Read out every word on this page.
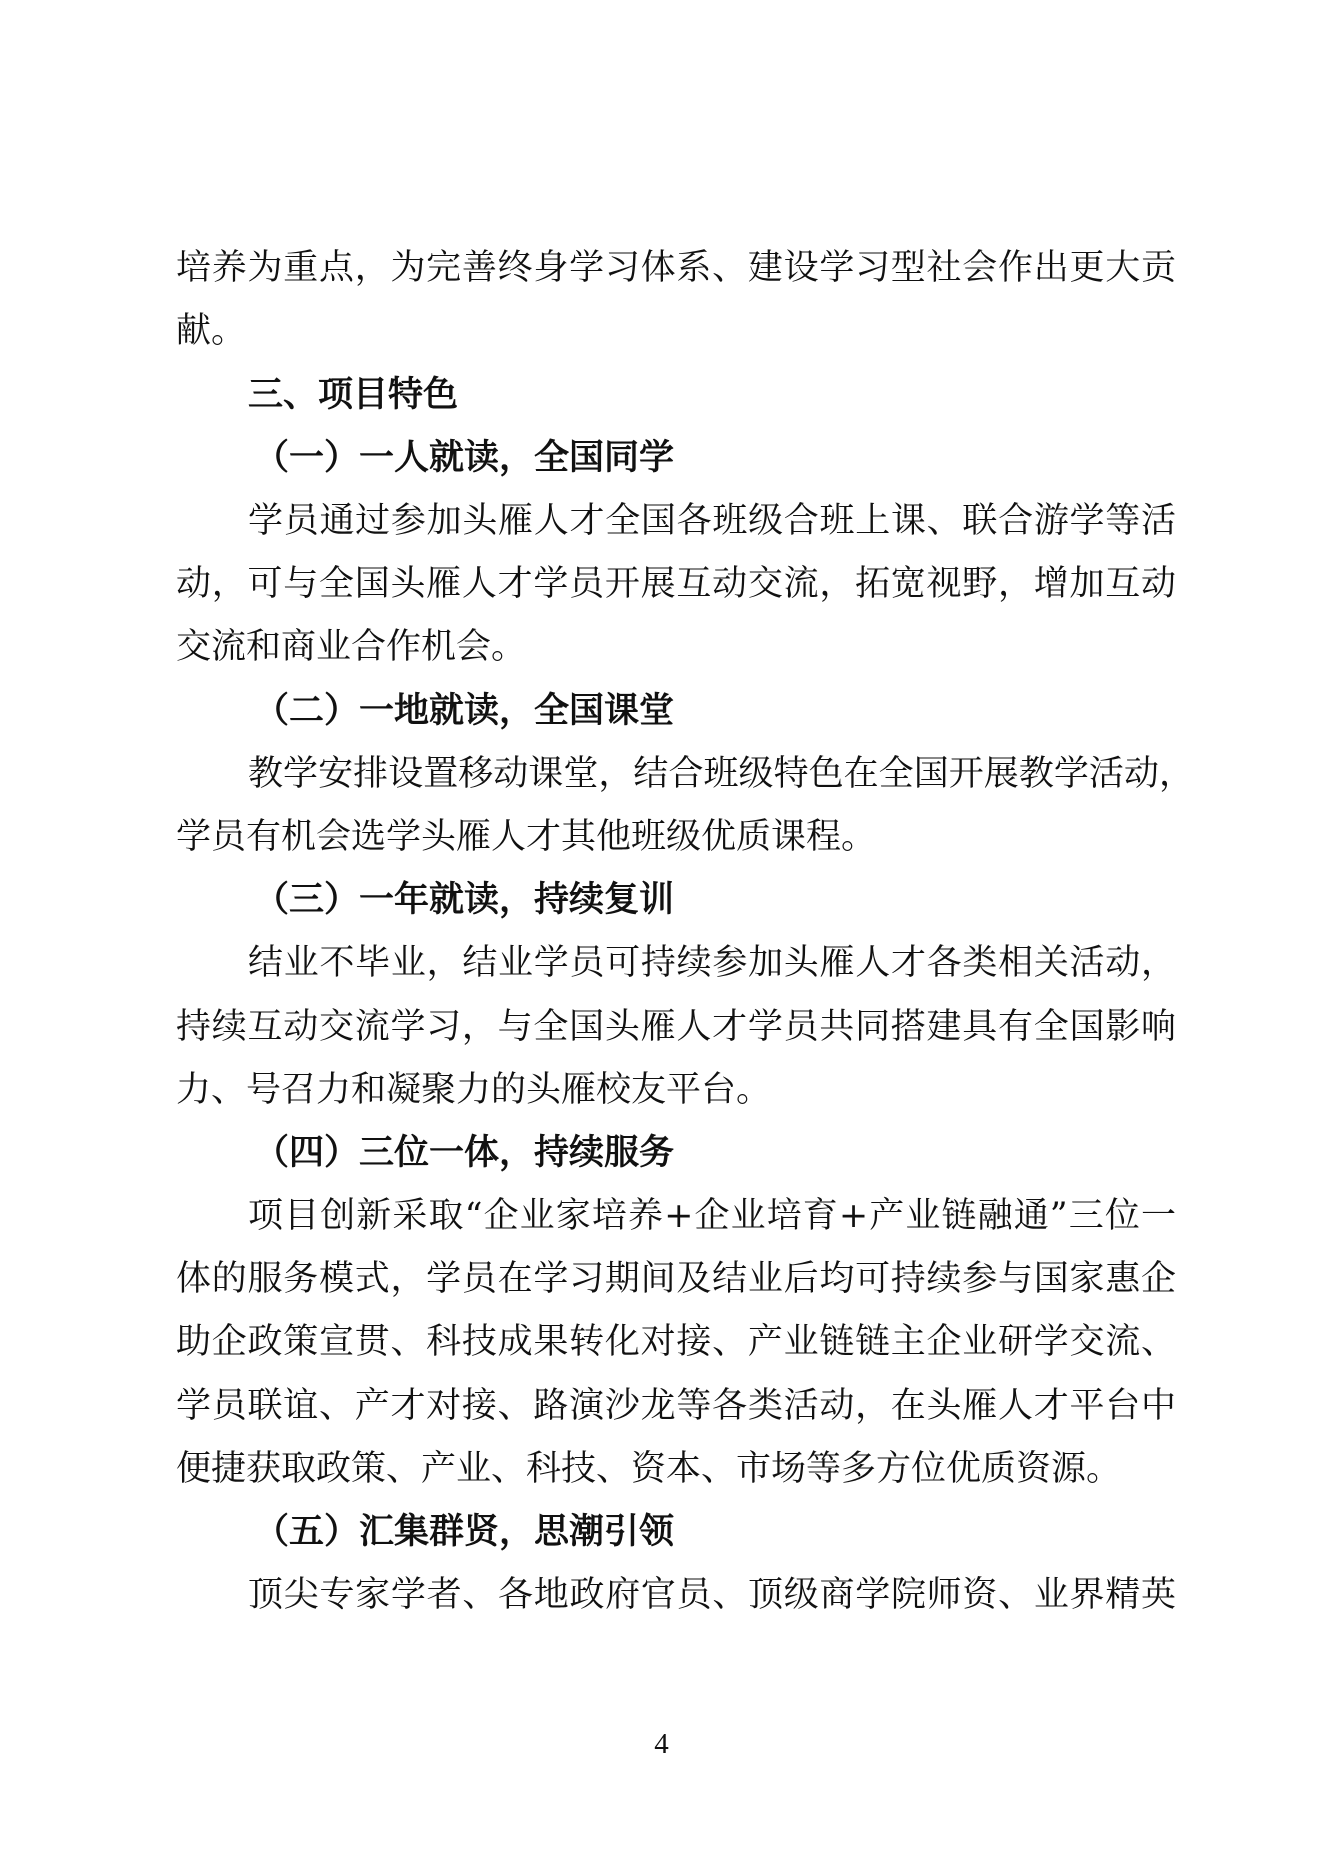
培养为重点，为完善终身学习体系、建设学习型社会作出更大贡
献。
三、项目特色
（一）一人就读，全国同学
学员通过参加头雁人才全国各班级合班上课、联合游学等活
动，可与全国头雁人才学员开展互动交流，拓宽视野，增加互动
交流和商业合作机会。
（二）一地就读，全国课堂
教学安排设置移动课堂，结合班级特色在全国开展教学活动，
学员有机会选学头雁人才其他班级优质课程。
（三）一年就读，持续复训
结业不毕业，结业学员可持续参加头雁人才各类相关活动，
持续互动交流学习，与全国头雁人才学员共同搭建具有全国影响
力、号召力和凝聚力的头雁校友平台。
（四）三位一体，持续服务
项目创新采取“企业家培养+企业培育+产业链融通”三位一
体的服务模式，学员在学习期间及结业后均可持续参与国家惠企
助企政策宣贯、科技成果转化对接、产业链链主企业研学交流、
学员联谊、产才对接、路演沙龙等各类活动，在头雁人才平台中
便捷获取政策、产业、科技、资本、市场等多方位优质资源。
（五）汇集群贤，思潮引领
顶尖专家学者、各地政府官员、顶级商学院师资、业界精英
4
